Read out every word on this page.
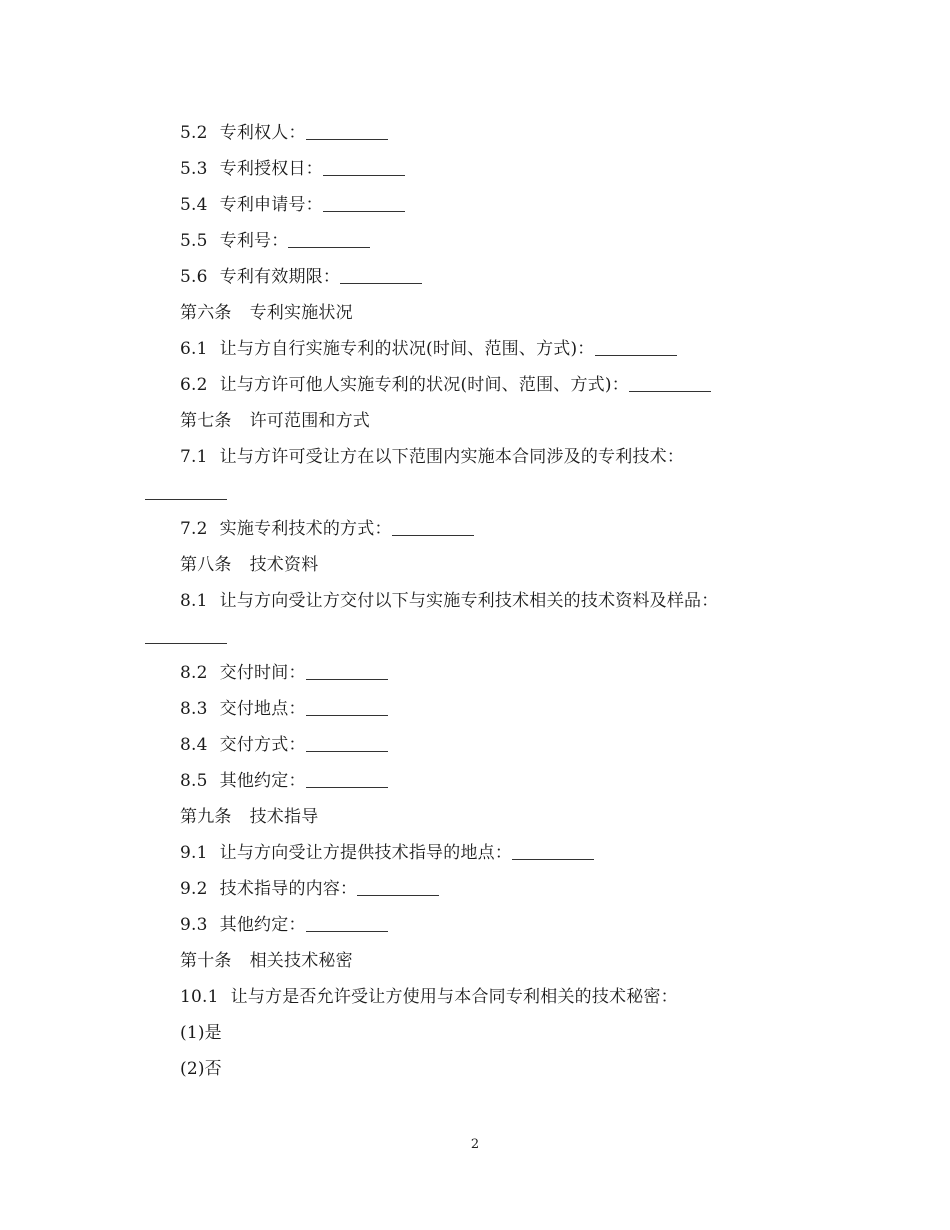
5.2 专利权人：
5.3 专利授权日：
5.4 专利申请号：
5.5 专利号：
5.6 专利有效期限：
第六条 专利实施状况
6.1 让与方自行实施专利的状况(时间、范围、方式)：
6.2 让与方许可他人实施专利的状况(时间、范围、方式)：
第七条 许可范围和方式
7.1 让与方许可受让方在以下范围内实施本合同涉及的专利技术：
7.2 实施专利技术的方式：
第八条 技术资料
8.1 让与方向受让方交付以下与实施专利技术相关的技术资料及样品：
8.2 交付时间：
8.3 交付地点：
8.4 交付方式：
8.5 其他约定：
第九条 技术指导
9.1 让与方向受让方提供技术指导的地点：
9.2 技术指导的内容：
9.3 其他约定：
第十条 相关技术秘密
10.1 让与方是否允许受让方使用与本合同专利相关的技术秘密：
(1)是
(2)否
2
